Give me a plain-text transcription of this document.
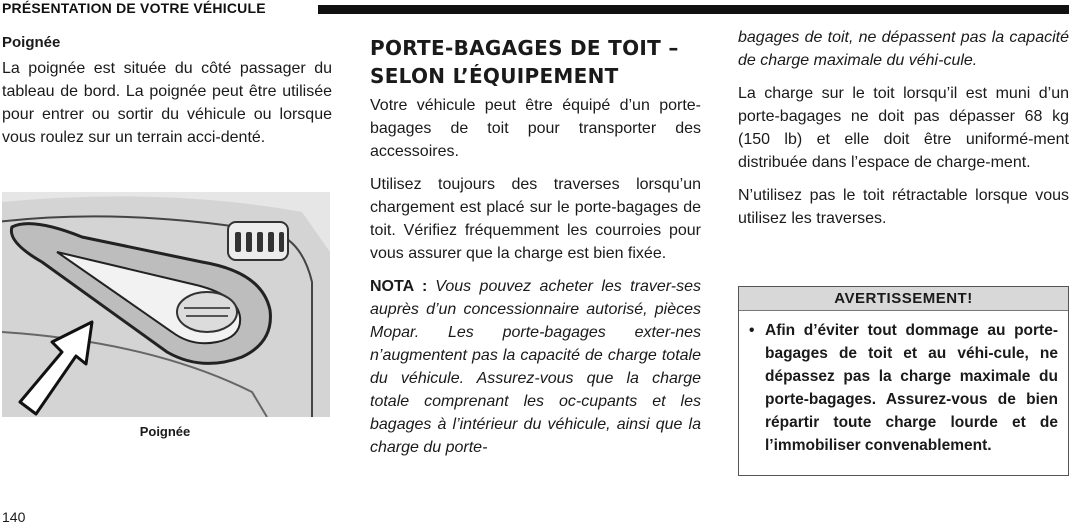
PRÉSENTATION DE VOTRE VÉHICULE
Poignée

La poignée est située du côté passager du tableau de bord. La poignée peut être utilisée pour entrer ou sortir du véhicule ou lorsque vous roulez sur un terrain acci-denté.

Poignée
PORTE-BAGAGES DE TOIT –
SELON L’ÉQUIPEMENT

Votre véhicule peut être équipé d’un porte-bagages de toit pour transporter des accessoires.

Utilisez toujours des traverses lorsqu’un chargement est placé sur le porte-bagages de toit. Vérifiez fréquemment les courroies pour vous assurer que la charge est bien fixée.

NOTA : Vous pouvez acheter les traver-ses auprès d’un concessionnaire autorisé, pièces Mopar. Les porte-bagages exter-nes n’augmentent pas la capacité de charge totale du véhicule. Assurez-vous que la charge totale comprenant les oc-cupants et les bagages à l’intérieur du véhicule, ainsi que la charge du porte-

bagages de toit, ne dépassent pas la capacité de charge maximale du véhi-cule.

La charge sur le toit lorsqu’il est muni d’un porte-bagages ne doit pas dépasser 68 kg (150 lb) et elle doit être uniformé-ment distribuée dans l’espace de charge-ment.

N’utilisez pas le toit rétractable lorsque vous utilisez les traverses.

AVERTISSEMENT!
• Afin d’éviter tout dommage au porte-bagages de toit et au véhi-cule, ne dépassez pas la charge maximale du porte-bagages. Assurez-vous de bien répartir toute charge lourde et de l’immobiliser convenablement.
140
